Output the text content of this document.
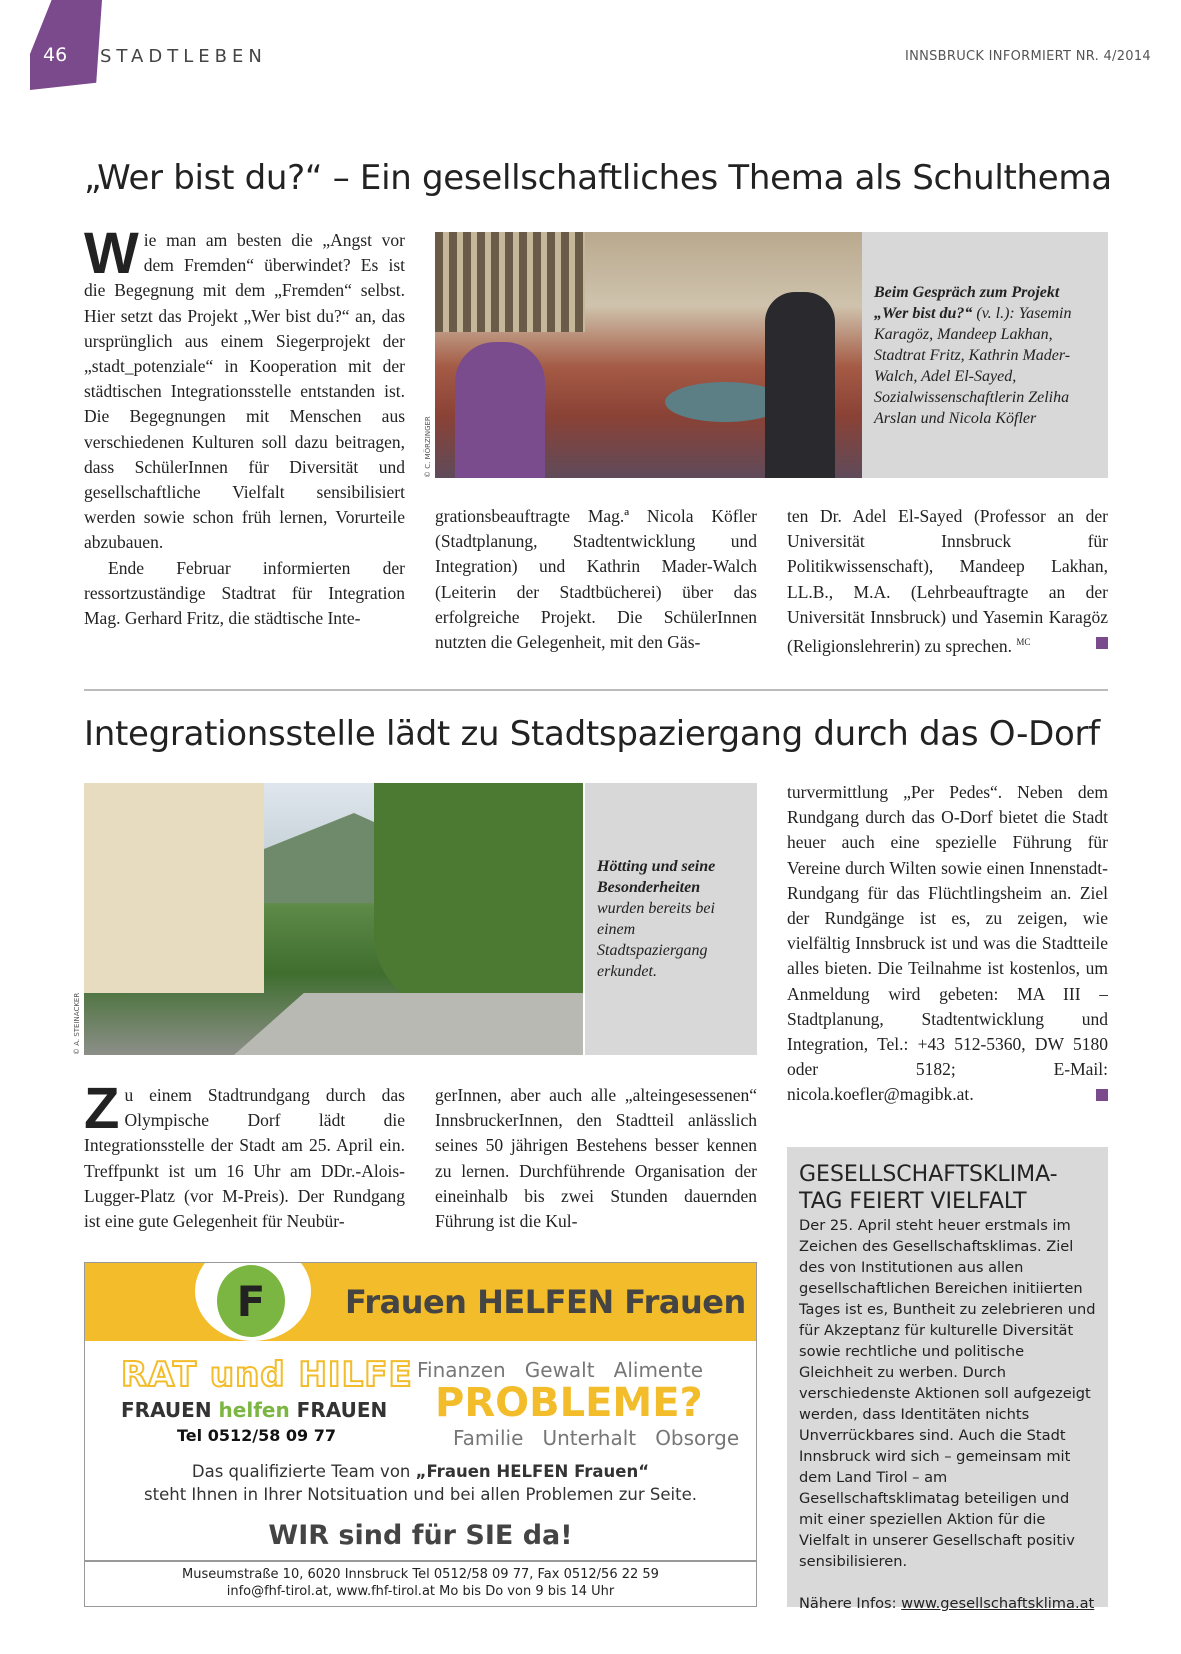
46 STADTLEBEN	INNSBRUCK INFORMIERT NR. 4/2014
„Wer bist du?“ – Ein gesellschaftliches Thema als Schulthema

Wie man am besten die „Angst vor dem Fremden“ überwindet? Es ist die Begegnung mit dem „Fremden“ selbst. Hier setzt das Projekt „Wer bist du?“ an, das ursprünglich aus einem Siegerprojekt der „stadt_potenziale“ in Kooperation mit der städtischen Integrationsstelle entstanden ist. Die Begegnungen mit Menschen aus verschiedenen Kulturen soll dazu beitragen, dass SchülerInnen für Diversität und gesellschaftliche Vielfalt sensibilisiert werden sowie schon früh lernen, Vorurteile abzubauen.

Ende Februar informierten der ressortzuständige Stadtrat für Integration Mag. Gerhard Fritz, die städtische Inte-

© C. MÖRZINGER
Beim Gespräch zum Projekt „Wer bist du?“ (v. l.): Yasemin Karagöz, Mandeep Lakhan, Stadtrat Fritz, Kathrin Mader-Walch, Adel El-Sayed, Sozialwissenschaftlerin Zeliha Arslan und Nicola Köfler

grationsbeauftragte Mag.ª Nicola Köfler (Stadtplanung, Stadtentwicklung und Integration) und Kathrin Mader-Walch (Leiterin der Stadtbücherei) über das erfolgreiche Projekt. Die SchülerInnen nutzten die Gelegenheit, mit den Gäs-

ten Dr. Adel El-Sayed (Professor an der Universität Innsbruck für Politikwissenschaft), Mandeep Lakhan, LL.B., M.A. (Lehrbeauftragte an der Universität Innsbruck) und Yasemin Karagöz (Religionslehrerin) zu sprechen. $^{MC}$

Integrationsstelle lädt zu Stadtspaziergang durch das O-Dorf
© A. STEINACKER
Hötting und seine Besonderheiten wurden bereits bei einem Stadtspaziergang erkundet.

turvermittlung „Per Pedes“. Neben dem Rundgang durch das O-Dorf bietet die Stadt heuer auch eine spezielle Führung für Vereine durch Wilten sowie einen Innenstadt-Rundgang für das Flüchtlingsheim an. Ziel der Rundgänge ist es, zu zeigen, wie vielfältig Innsbruck ist und was die Stadtteile alles bieten. Die Teilnahme ist kostenlos, um Anmeldung wird gebeten: MA III – Stadtplanung, Stadtentwicklung und Integration, Tel.: +43 512-5360, DW 5180 oder 5182; E-Mail: nicola.koefler@magibk.at.

Zu einem Stadtrundgang durch das Olympische Dorf lädt die Integrationsstelle der Stadt am 25. April ein. Treffpunkt ist um 16 Uhr am DDr.-Alois-Lugger-Platz (vor M-Preis). Der Rundgang ist eine gute Gelegenheit für Neubür-

gerInnen, aber auch alle „alteingesessenen“ InnsbruckerInnen, den Stadtteil anlässlich seines 50 jährigen Bestehens besser kennen zu lernen. Durchführende Organisation der eineinhalb bis zwei Stunden dauernden Führung ist die Kul-

F	Frauen HELFEN Frauen
RAT und HILFE
FRAUEN helfen FRAUEN
Tel 0512/58 09 77
Finanzen   Gewalt   Alimente
PROBLEME?
Familie   Unterhalt   Obsorge
Das qualifizierte Team von „Frauen HELFEN Frauen“
steht Ihnen in Ihrer Notsituation und bei allen Problemen zur Seite.
WIR sind für SIE da!
Museumstraße 10, 6020 Innsbruck Tel 0512/58 09 77, Fax 0512/56 22 59
info@fhf-tirol.at, www.fhf-tirol.at Mo bis Do von 9 bis 14 Uhr
GESELLSCHAFTSKLIMA-TAG FEIERT VIELFALT

Der 25. April steht heuer erstmals im Zeichen des Gesellschaftsklimas. Ziel des von Institutionen aus allen gesellschaftlichen Bereichen initiierten Tages ist es, Buntheit zu zelebrieren und für Akzeptanz für kulturelle Diversität sowie rechtliche und politische Gleichheit zu werben. Durch verschiedenste Aktionen soll aufgezeigt werden, dass Identitäten nichts Unverrückbares sind. Auch die Stadt Innsbruck wird sich – gemeinsam mit dem Land Tirol – am Gesellschaftsklimatag beteiligen und mit einer speziellen Aktion für die Vielfalt in unserer Gesellschaft positiv sensibilisieren.

Nähere Infos: www.gesellschaftsklima.at
